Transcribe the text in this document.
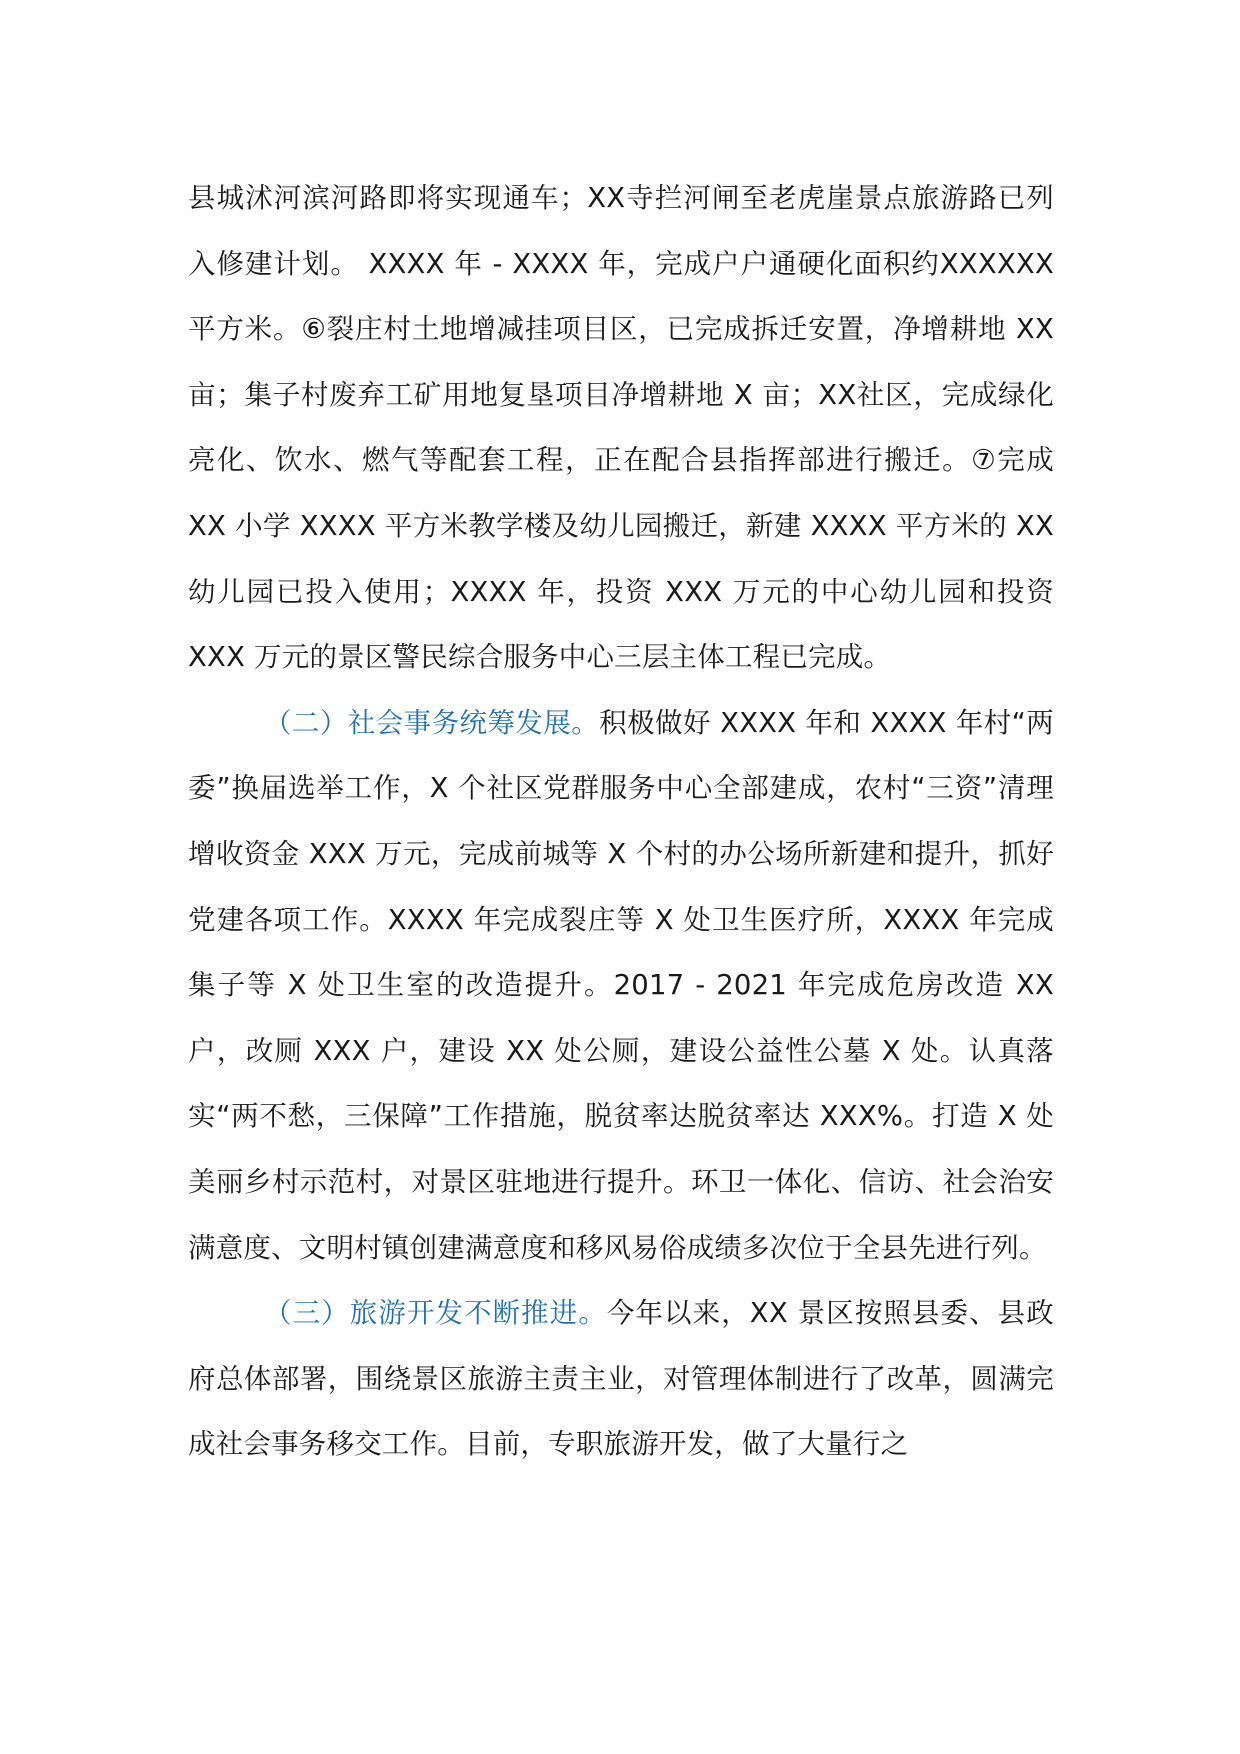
县城沭河滨河路即将实现通车；XX寺拦河闸至老虎崖景点旅游路已列入修建计划。 XXXX 年 - XXXX 年，完成户户通硬化面积约XXXXXX平方米。⑥裂庄村土地增减挂项目区，已完成拆迁安置，净增耕地 XX 亩；集子村废弃工矿用地复垦项目净增耕地 X 亩；XX社区，完成绿化亮化、饮水、燃气等配套工程，正在配合县指挥部进行搬迁。⑦完成 XX 小学 XXXX 平方米教学楼及幼儿园搬迁，新建 XXXX 平方米的 XX 幼儿园已投入使用；XXXX 年，投资 XXX 万元的中心幼儿园和投资 XXX 万元的景区警民综合服务中心三层主体工程已完成。

（二）社会事务统筹发展。积极做好 XXXX 年和 XXXX 年村“两委”换届选举工作，X 个社区党群服务中心全部建成，农村“三资”清理增收资金 XXX 万元，完成前城等 X 个村的办公场所新建和提升，抓好党建各项工作。XXXX 年完成裂庄等 X 处卫生医疗所，XXXX 年完成集子等 X 处卫生室的改造提升。2017 - 2021 年完成危房改造 XX 户，改厕 XXX 户，建设 XX 处公厕，建设公益性公墓 X 处。认真落实“两不愁，三保障”工作措施，脱贫率达脱贫率达 XXX%。打造 X 处美丽乡村示范村，对景区驻地进行提升。环卫一体化、信访、社会治安满意度、文明村镇创建满意度和移风易俗成绩多次位于全县先进行列。

（三）旅游开发不断推进。今年以来，XX 景区按照县委、县政府总体部署，围绕景区旅游主责主业，对管理体制进行了改革，圆满完成社会事务移交工作。目前，专职旅游开发，做了大量行之
